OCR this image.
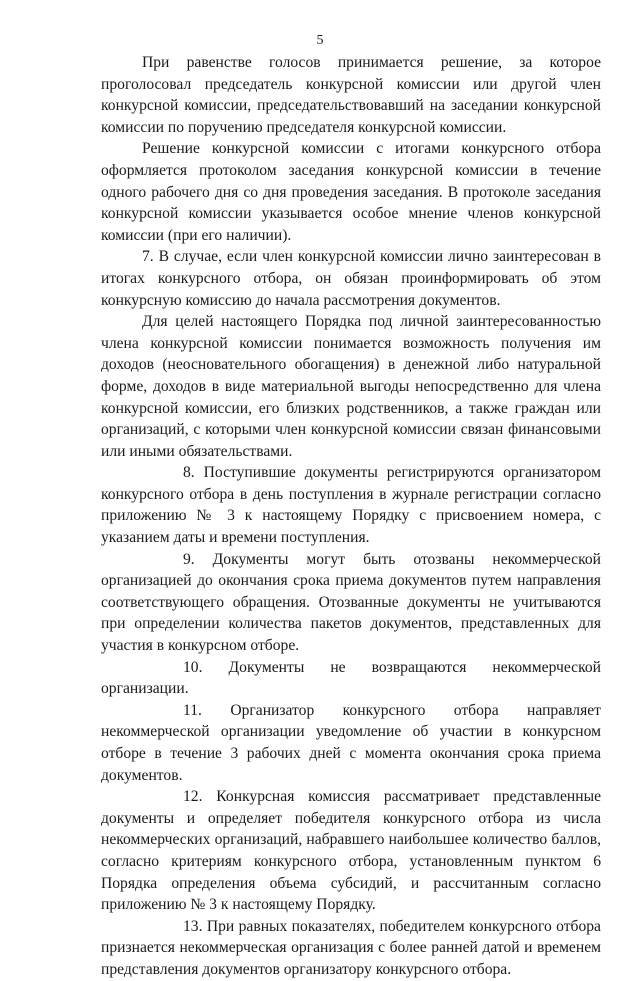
5

При равенстве голосов принимается решение, за которое проголосовал председатель конкурсной комиссии или другой член конкурсной комиссии, председательствовавший на заседании конкурсной комиссии по поручению председателя конкурсной комиссии.

Решение конкурсной комиссии с итогами конкурсного отбора оформляется протоколом заседания конкурсной комиссии в течение одного рабочего дня со дня проведения заседания. В протоколе заседания конкурсной комиссии указывается особое мнение членов конкурсной комиссии (при его наличии).

7. В случае, если член конкурсной комиссии лично заинтересован в итогах конкурсного отбора, он обязан проинформировать об этом конкурсную комиссию до начала рассмотрения документов.

Для целей настоящего Порядка под личной заинтересованностью члена конкурсной комиссии понимается возможность получения им доходов (неосновательного обогащения) в денежной либо натуральной форме, доходов в виде материальной выгоды непосредственно для члена конкурсной комиссии, его близких родственников, а также граждан или организаций, с которыми член конкурсной комиссии связан финансовыми или иными обязательствами.

8. Поступившие документы регистрируются организатором конкурсного отбора в день поступления в журнале регистрации согласно приложению № 3 к настоящему Порядку с присвоением номера, с указанием даты и времени поступления.

9. Документы могут быть отозваны некоммерческой организацией до окончания срока приема документов путем направления соответствующего обращения. Отозванные документы не учитываются при определении количества пакетов документов, представленных для участия в конкурсном отборе.

10. Документы не возвращаются некоммерческой организации.

11. Организатор конкурсного отбора направляет некоммерческой организации уведомление об участии в конкурсном отборе в течение 3 рабочих дней с момента окончания срока приема документов.

12. Конкурсная комиссия рассматривает представленные документы и определяет победителя конкурсного отбора из числа некоммерческих организаций, набравшего наибольшее количество баллов, согласно критериям конкурсного отбора, установленным пунктом 6 Порядка определения объема субсидий, и рассчитанным согласно приложению № 3 к настоящему Порядку.

13. При равных показателях, победителем конкурсного отбора признается некоммерческая организация с более ранней датой и временем представления документов организатору конкурсного отбора.
